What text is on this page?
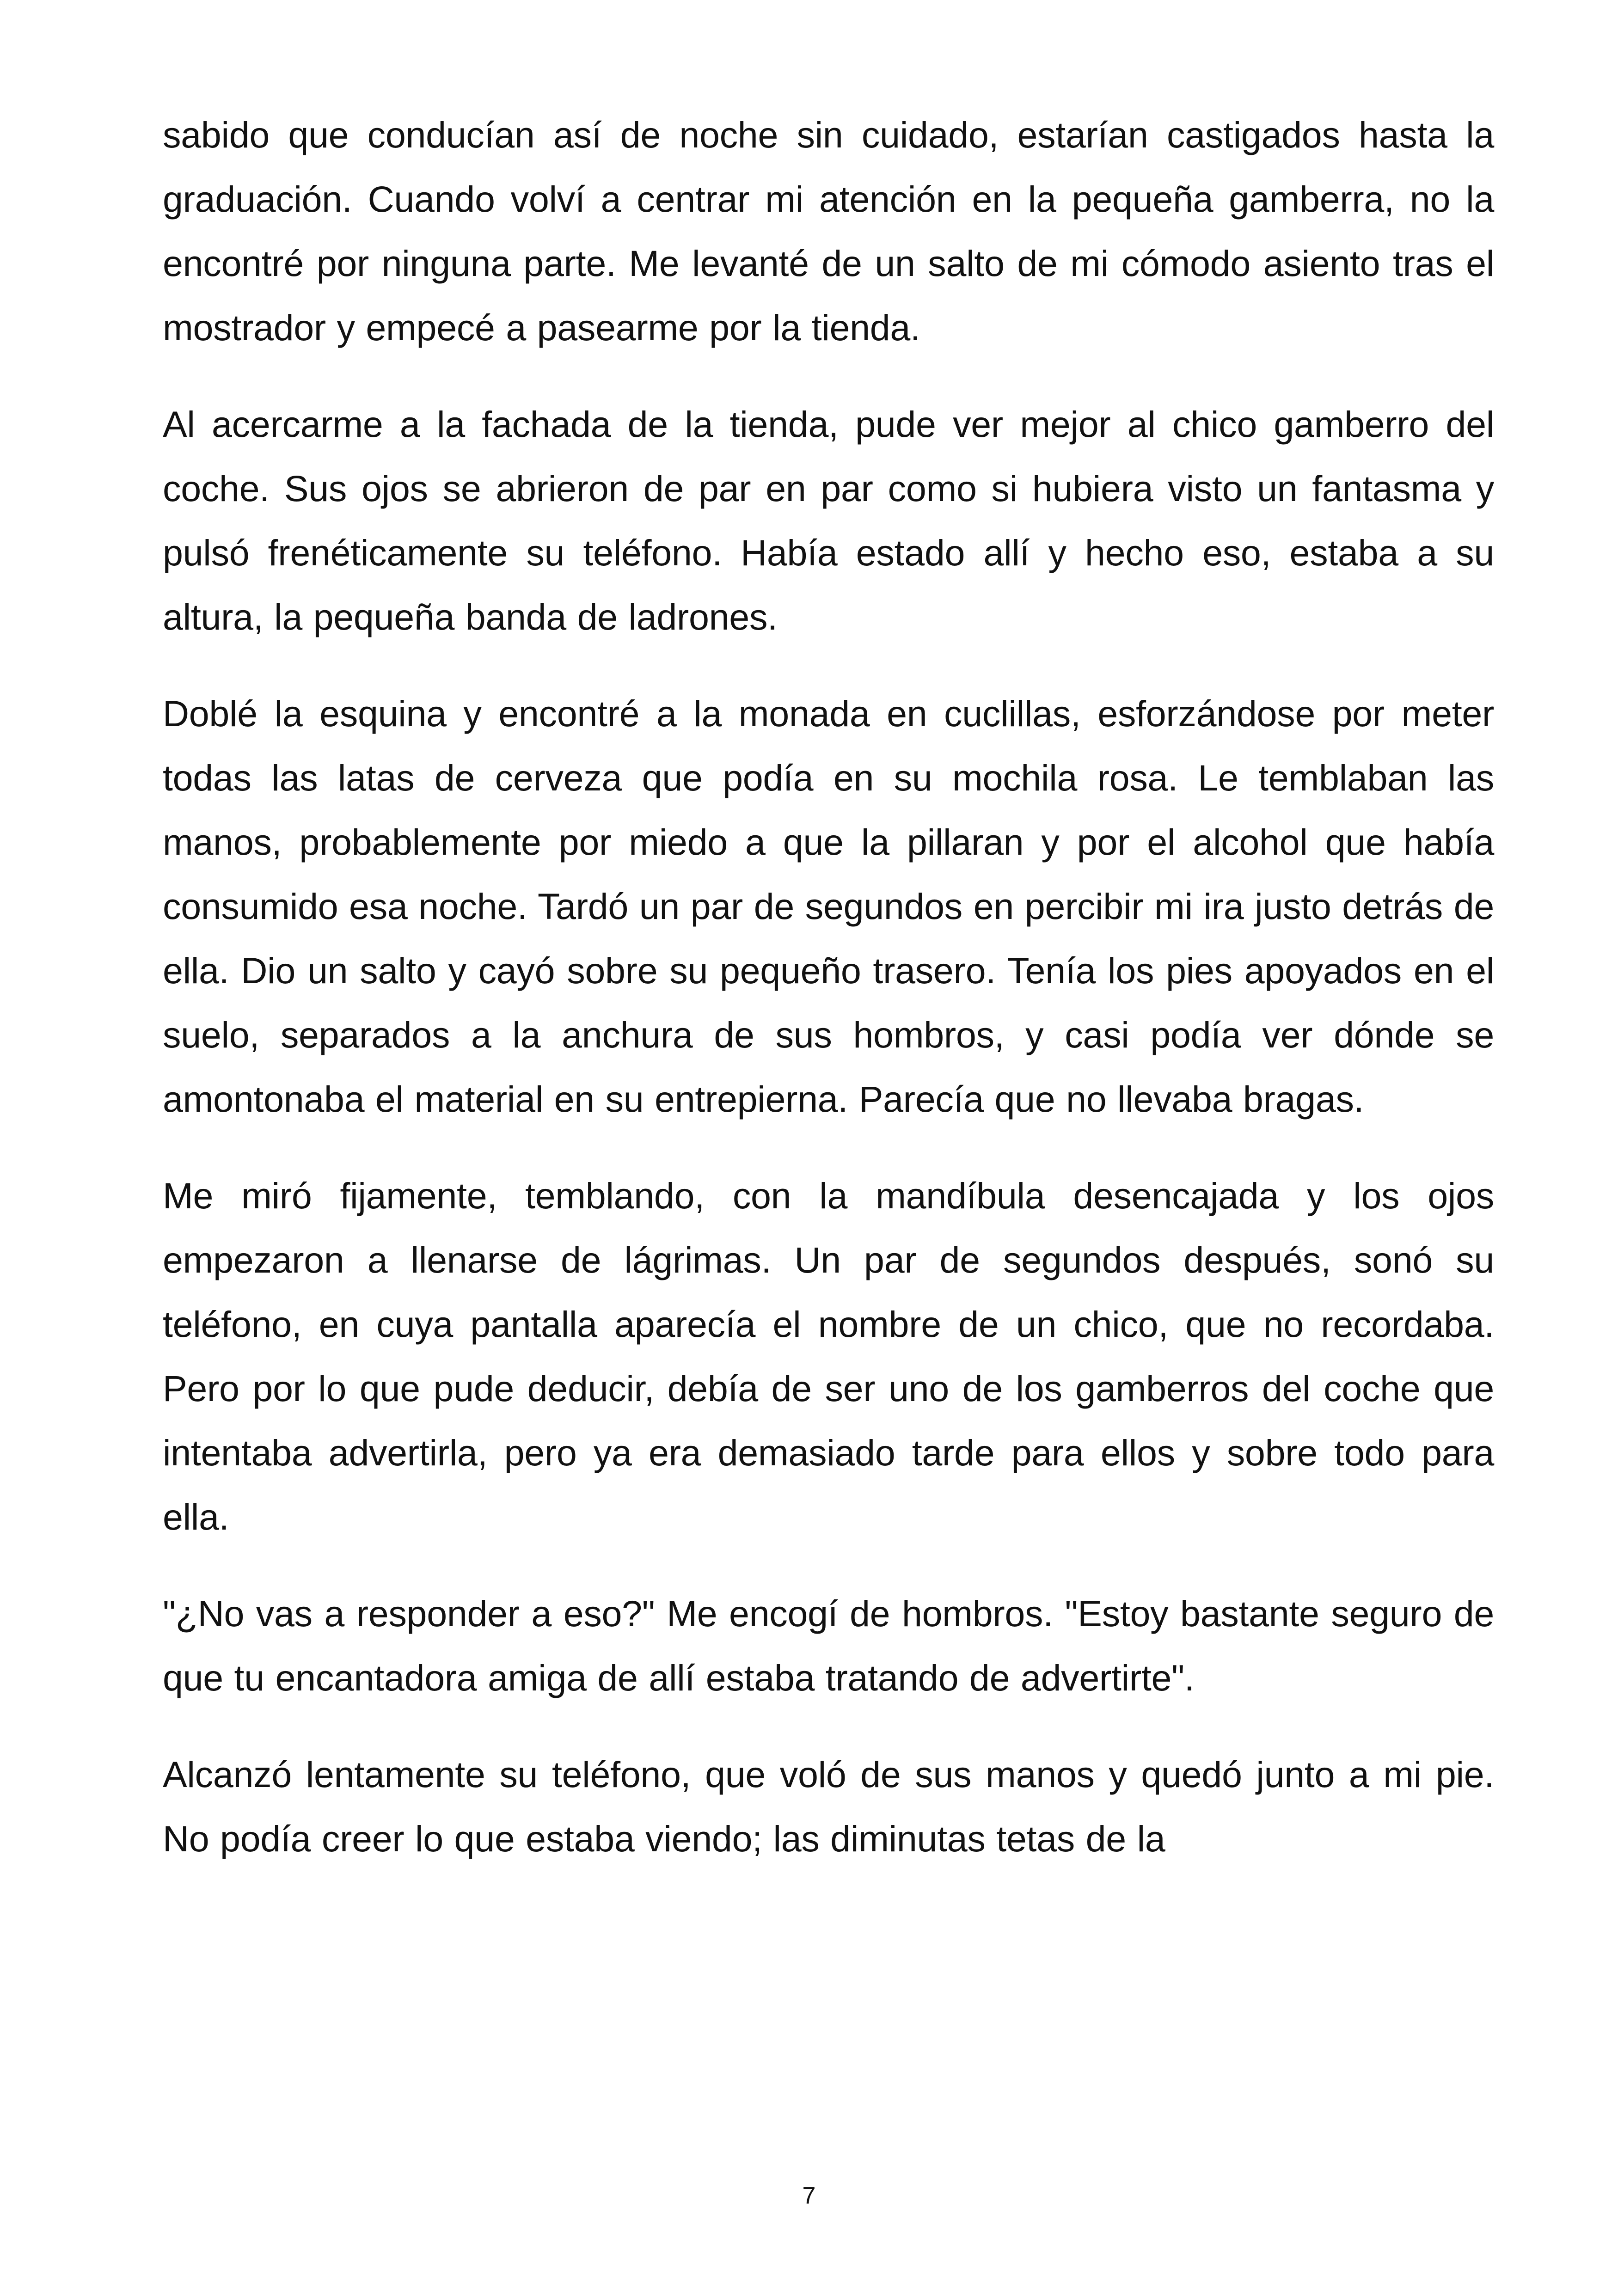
sabido que conducían así de noche sin cuidado, estarían castigados hasta la graduación. Cuando volví a centrar mi atención en la pequeña gamberra, no la encontré por ninguna parte. Me levanté de un salto de mi cómodo asiento tras el mostrador y empecé a pasearme por la tienda.

Al acercarme a la fachada de la tienda, pude ver mejor al chico gamberro del coche. Sus ojos se abrieron de par en par como si hubiera visto un fantasma y pulsó frenéticamente su teléfono. Había estado allí y hecho eso, estaba a su altura, la pequeña banda de ladrones.

Doblé la esquina y encontré a la monada en cuclillas, esforzándose por meter todas las latas de cerveza que podía en su mochila rosa. Le temblaban las manos, probablemente por miedo a que la pillaran y por el alcohol que había consumido esa noche. Tardó un par de segundos en percibir mi ira justo detrás de ella. Dio un salto y cayó sobre su pequeño trasero. Tenía los pies apoyados en el suelo, separados a la anchura de sus hombros, y casi podía ver dónde se amontonaba el material en su entrepierna. Parecía que no llevaba bragas.

Me miró fijamente, temblando, con la mandíbula desencajada y los ojos empezaron a llenarse de lágrimas. Un par de segundos después, sonó su teléfono, en cuya pantalla aparecía el nombre de un chico, que no recordaba. Pero por lo que pude deducir, debía de ser uno de los gamberros del coche que intentaba advertirla, pero ya era demasiado tarde para ellos y sobre todo para ella.

"¿No vas a responder a eso?" Me encogí de hombros. "Estoy bastante seguro de que tu encantadora amiga de allí estaba tratando de advertirte".

Alcanzó lentamente su teléfono, que voló de sus manos y quedó junto a mi pie. No podía creer lo que estaba viendo; las diminutas tetas de la

7
